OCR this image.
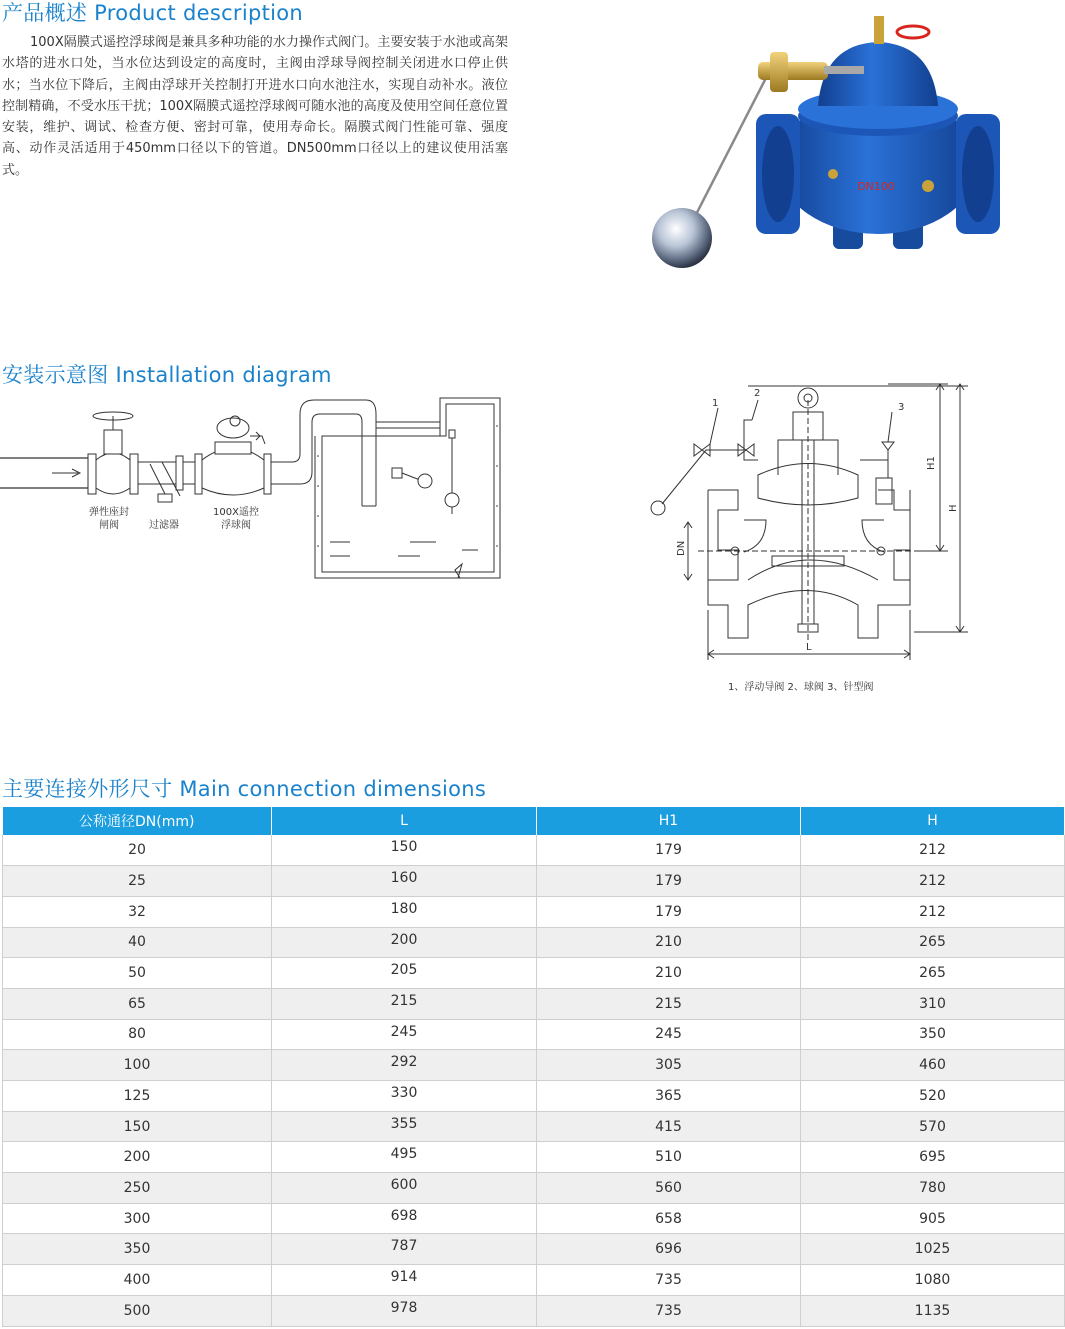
产品概述 Product description
100X隔膜式遥控浮球阀是兼具多种功能的水力操作式阀门。主要安装于水池或高架水塔的进水口处，当水位达到设定的高度时，主阀由浮球导阀控制关闭进水口停止供水；当水位下降后，主阀由浮球开关控制打开进水口向水池注水，实现自动补水。液位控制精确，不受水压干扰；100X隔膜式遥控浮球阀可随水池的高度及使用空间任意位置安装，维护、调试、检查方便、密封可靠，使用寿命长。隔膜式阀门性能可靠、强度高、动作灵活适用于450mm口径以下的管道。DN500mm口径以上的建议使用活塞式。
DN100
安装示意图 Installation diagram
弹性座封
闸阀	过滤器
100X遥控
浮球阀
1
2
3
H1
H
DN
L
1、浮动导阀 2、球阀 3、针型阀
主要连接外形尺寸 Main connection dimensions
公称通径DN(mm)	L	H1	H
20	150	179	212
25	160	179	212
32	180	179	212
40	200	210	265
50	205	210	265
65	215	215	310
80	245	245	350
100	292	305	460
125	330	365	520
150	355	415	570
200	495	510	695
250	600	560	780
300	698	658	905
350	787	696	1025
400	914	735	1080
500	978	735	1135
